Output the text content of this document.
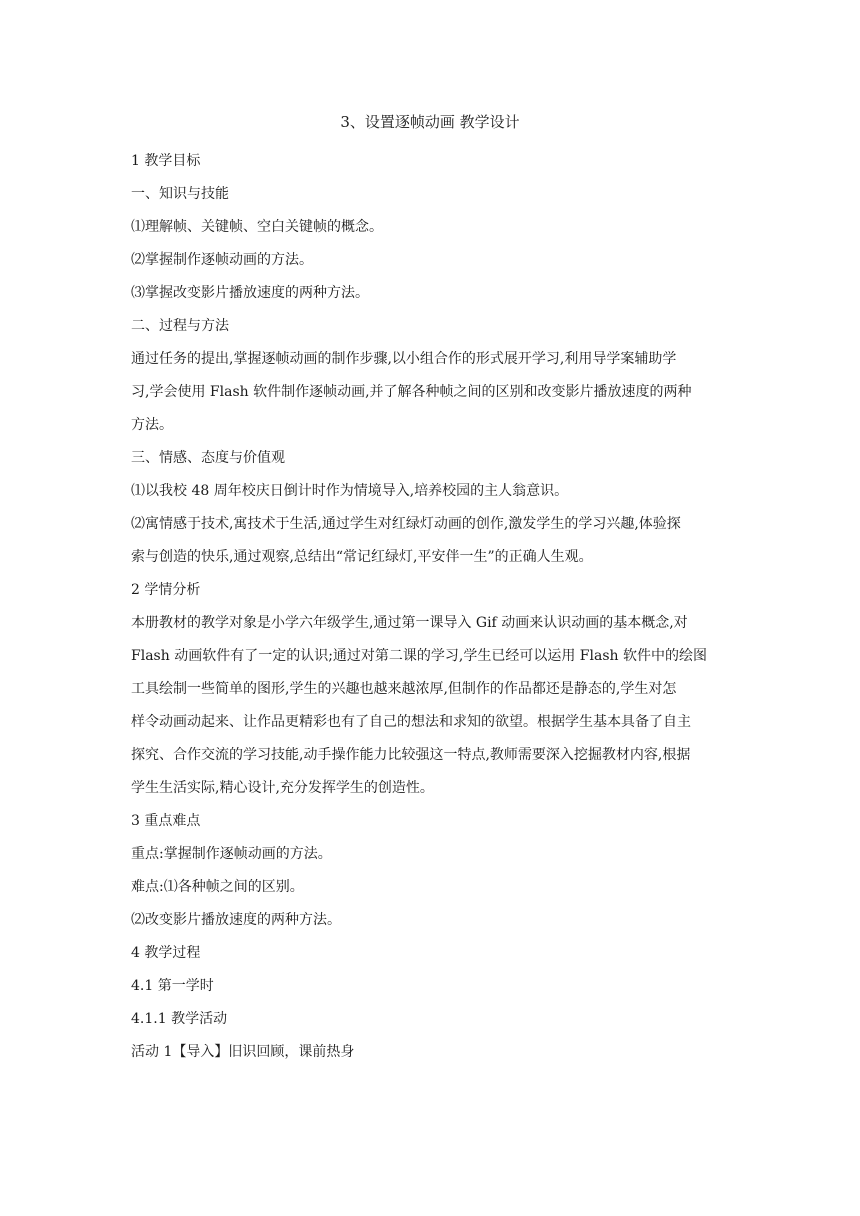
3、设置逐帧动画 教学设计

1 教学目标

一、知识与技能

⑴理解帧、关键帧、空白关键帧的概念。

⑵掌握制作逐帧动画的方法。

⑶掌握改变影片播放速度的两种方法。

二、过程与方法

通过任务的提出,掌握逐帧动画的制作步骤,以小组合作的形式展开学习,利用导学案辅助学
习,学会使用 Flash 软件制作逐帧动画,并了解各种帧之间的区别和改变影片播放速度的两种
方法。

三、情感、态度与价值观

⑴以我校 48 周年校庆日倒计时作为情境导入,培养校园的主人翁意识。

⑵寓情感于技术,寓技术于生活,通过学生对红绿灯动画的创作,激发学生的学习兴趣,体验探
索与创造的快乐,通过观察,总结出“常记红绿灯,平安伴一生”的正确人生观。

2 学情分析

本册教材的教学对象是小学六年级学生,通过第一课导入 Gif 动画来认识动画的基本概念,对
Flash 动画软件有了一定的认识;通过对第二课的学习,学生已经可以运用 Flash 软件中的绘图
工具绘制一些简单的图形,学生的兴趣也越来越浓厚,但制作的作品都还是静态的,学生对怎
样令动画动起来、让作品更精彩也有了自己的想法和求知的欲望。根据学生基本具备了自主
探究、合作交流的学习技能,动手操作能力比较强这一特点,教师需要深入挖掘教材内容,根据
学生生活实际,精心设计,充分发挥学生的创造性。

3 重点难点

重点:掌握制作逐帧动画的方法。

难点:⑴各种帧之间的区别。

⑵改变影片播放速度的两种方法。

4 教学过程

4.1 第一学时

4.1.1 教学活动

活动 1【导入】旧识回顾，课前热身
